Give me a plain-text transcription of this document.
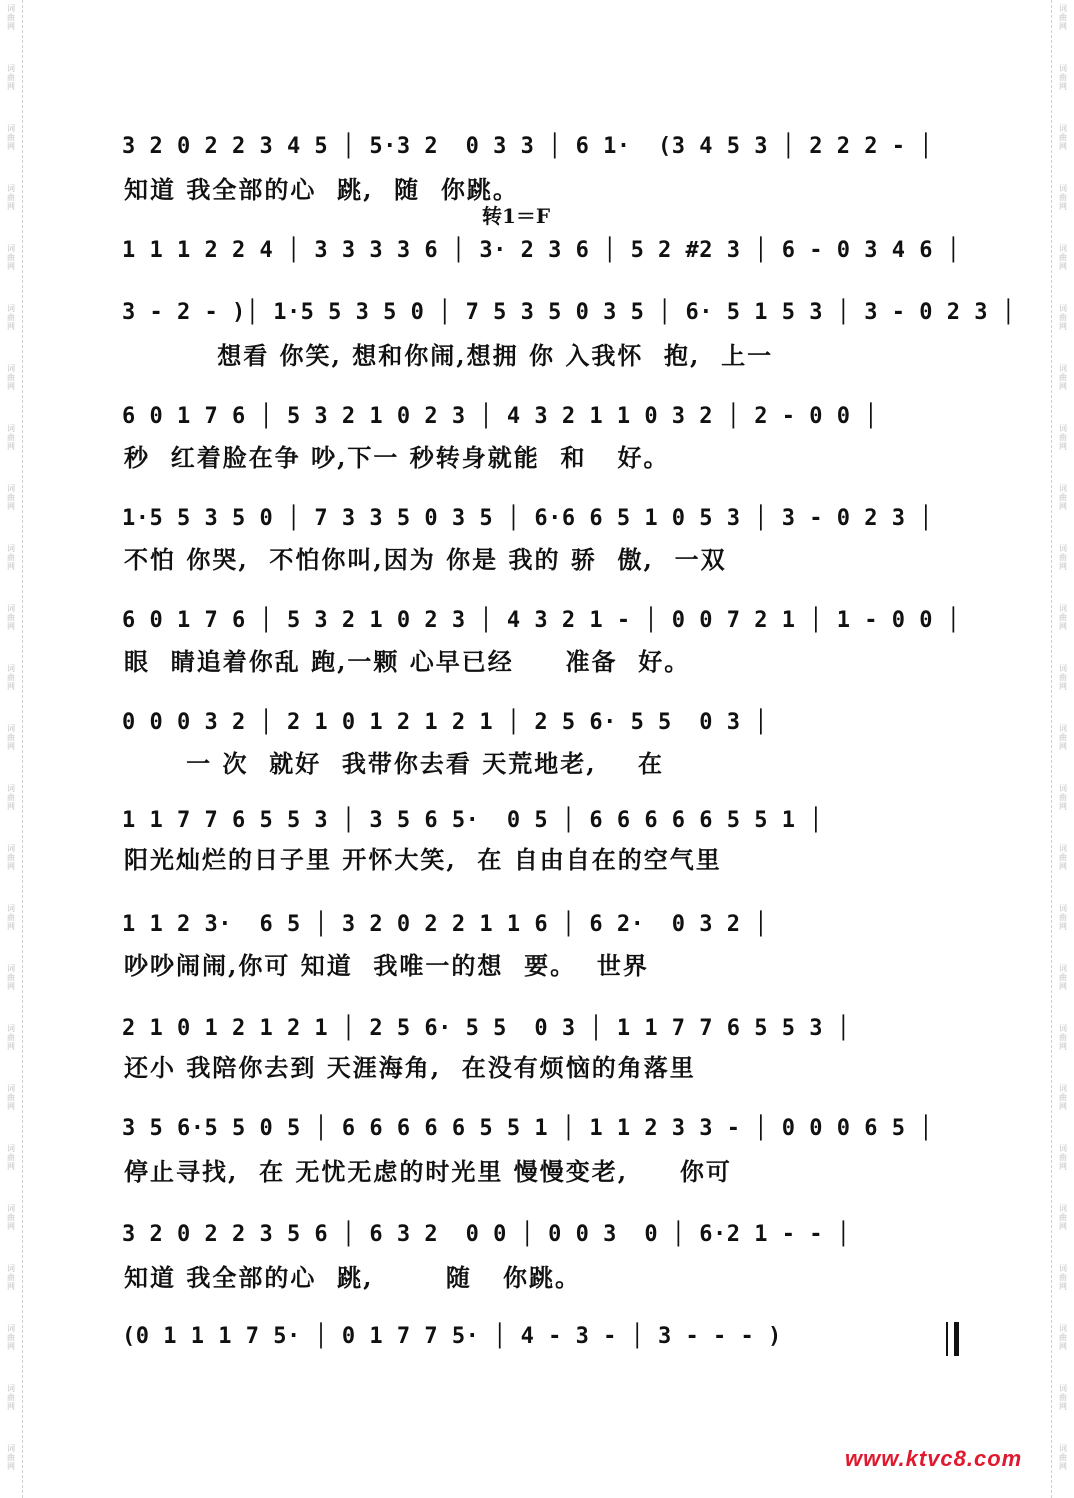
3 2 0 2 2 3 4 5 │ 5·3 2  0 3 3 │ 6 1·  (3 4 5 3 │ 2 2 2 - │
知道 我全部的心  跳,  随  你跳。
转1＝F
1 1 1 2 2 4 │ 3 3 3 3 6 │ 3· 2 3 6 │ 5 2 #2 3 │ 6 - 0 3 4 6 │
3 - 2 - )│ 1·5 5 3 5 0 │ 7 5 3 5 0 3 5 │ 6· 5 1 5 3 │ 3 - 0 2 3 │
想看 你笑, 想和你闹,想拥 你 入我怀  抱,  上一
6 0 1 7 6 │ 5 3 2 1 0 2 3 │ 4 3 2 1 1 0 3 2 │ 2 - 0 0 │
秒  红着脸在争 吵,下一 秒转身就能  和   好。
1·5 5 3 5 0 │ 7 3 3 5 0 3 5 │ 6·6 6 5 1 0 5 3 │ 3 - 0 2 3 │
不怕 你哭,  不怕你叫,因为 你是 我的 骄  傲,  一双
6 0 1 7 6 │ 5 3 2 1 0 2 3 │ 4 3 2 1 - │ 0 0 7 2 1 │ 1 - 0 0 │
眼  睛追着你乱 跑,一颗 心早已经     准备  好。
0 0 0 3 2 │ 2 1 0 1 2 1 2 1 │ 2 5 6· 5 5  0 3 │
一 次  就好  我带你去看 天荒地老,    在
1 1 7 7 6 5 5 3 │ 3 5 6 5·  0 5 │ 6 6 6 6 6 5 5 1 │
阳光灿烂的日子里 开怀大笑,  在 自由自在的空气里
1 1 2 3·  6 5 │ 3 2 0 2 2 1 1 6 │ 6 2·  0 3 2 │
吵吵闹闹,你可 知道  我唯一的想  要。  世界
2 1 0 1 2 1 2 1 │ 2 5 6· 5 5  0 3 │ 1 1 7 7 6 5 5 3 │
还小 我陪你去到 天涯海角,  在没有烦恼的角落里
3 5 6·5 5 0 5 │ 6 6 6 6 6 5 5 1 │ 1 1 2 3 3 - │ 0 0 0 6 5 │
停止寻找,  在 无忧无虑的时光里 慢慢变老,     你可
3 2 0 2 2 3 5 6 │ 6 3 2  0 0 │ 0 0 3  0 │ 6·2 1 - - │
知道 我全部的心  跳,       随   你跳。
(0 1 1 1 7 5· │ 0 1 7 7 5· │ 4 - 3 - │ 3 - - - )
www.ktvc8.com
词
曲
网
词
曲
网
词
曲
网
词
曲
网
词
曲
网
词
曲
网
词
曲
网
词
曲
网
词
曲
网
词
曲
网
词
曲
网
词
曲
网
词
曲
网
词
曲
网
词
曲
网
词
曲
网
词
曲
网
词
曲
网
词
曲
网
词
曲
网
词
曲
网
词
曲
网
词
曲
网
词
曲
网
词
曲
网
词
曲
网
词
曲
网
词
曲
网
词
曲
网
词
曲
网
词
曲
网
词
曲
网
词
曲
网
词
曲
网
词
曲
网
词
曲
网
词
曲
网
词
曲
网
词
曲
网
词
曲
网
词
曲
网
词
曲
网
词
曲
网
词
曲
网
词
曲
网
词
曲
网
词
曲
网
词
曲
网
词
曲
网
词
曲
网
